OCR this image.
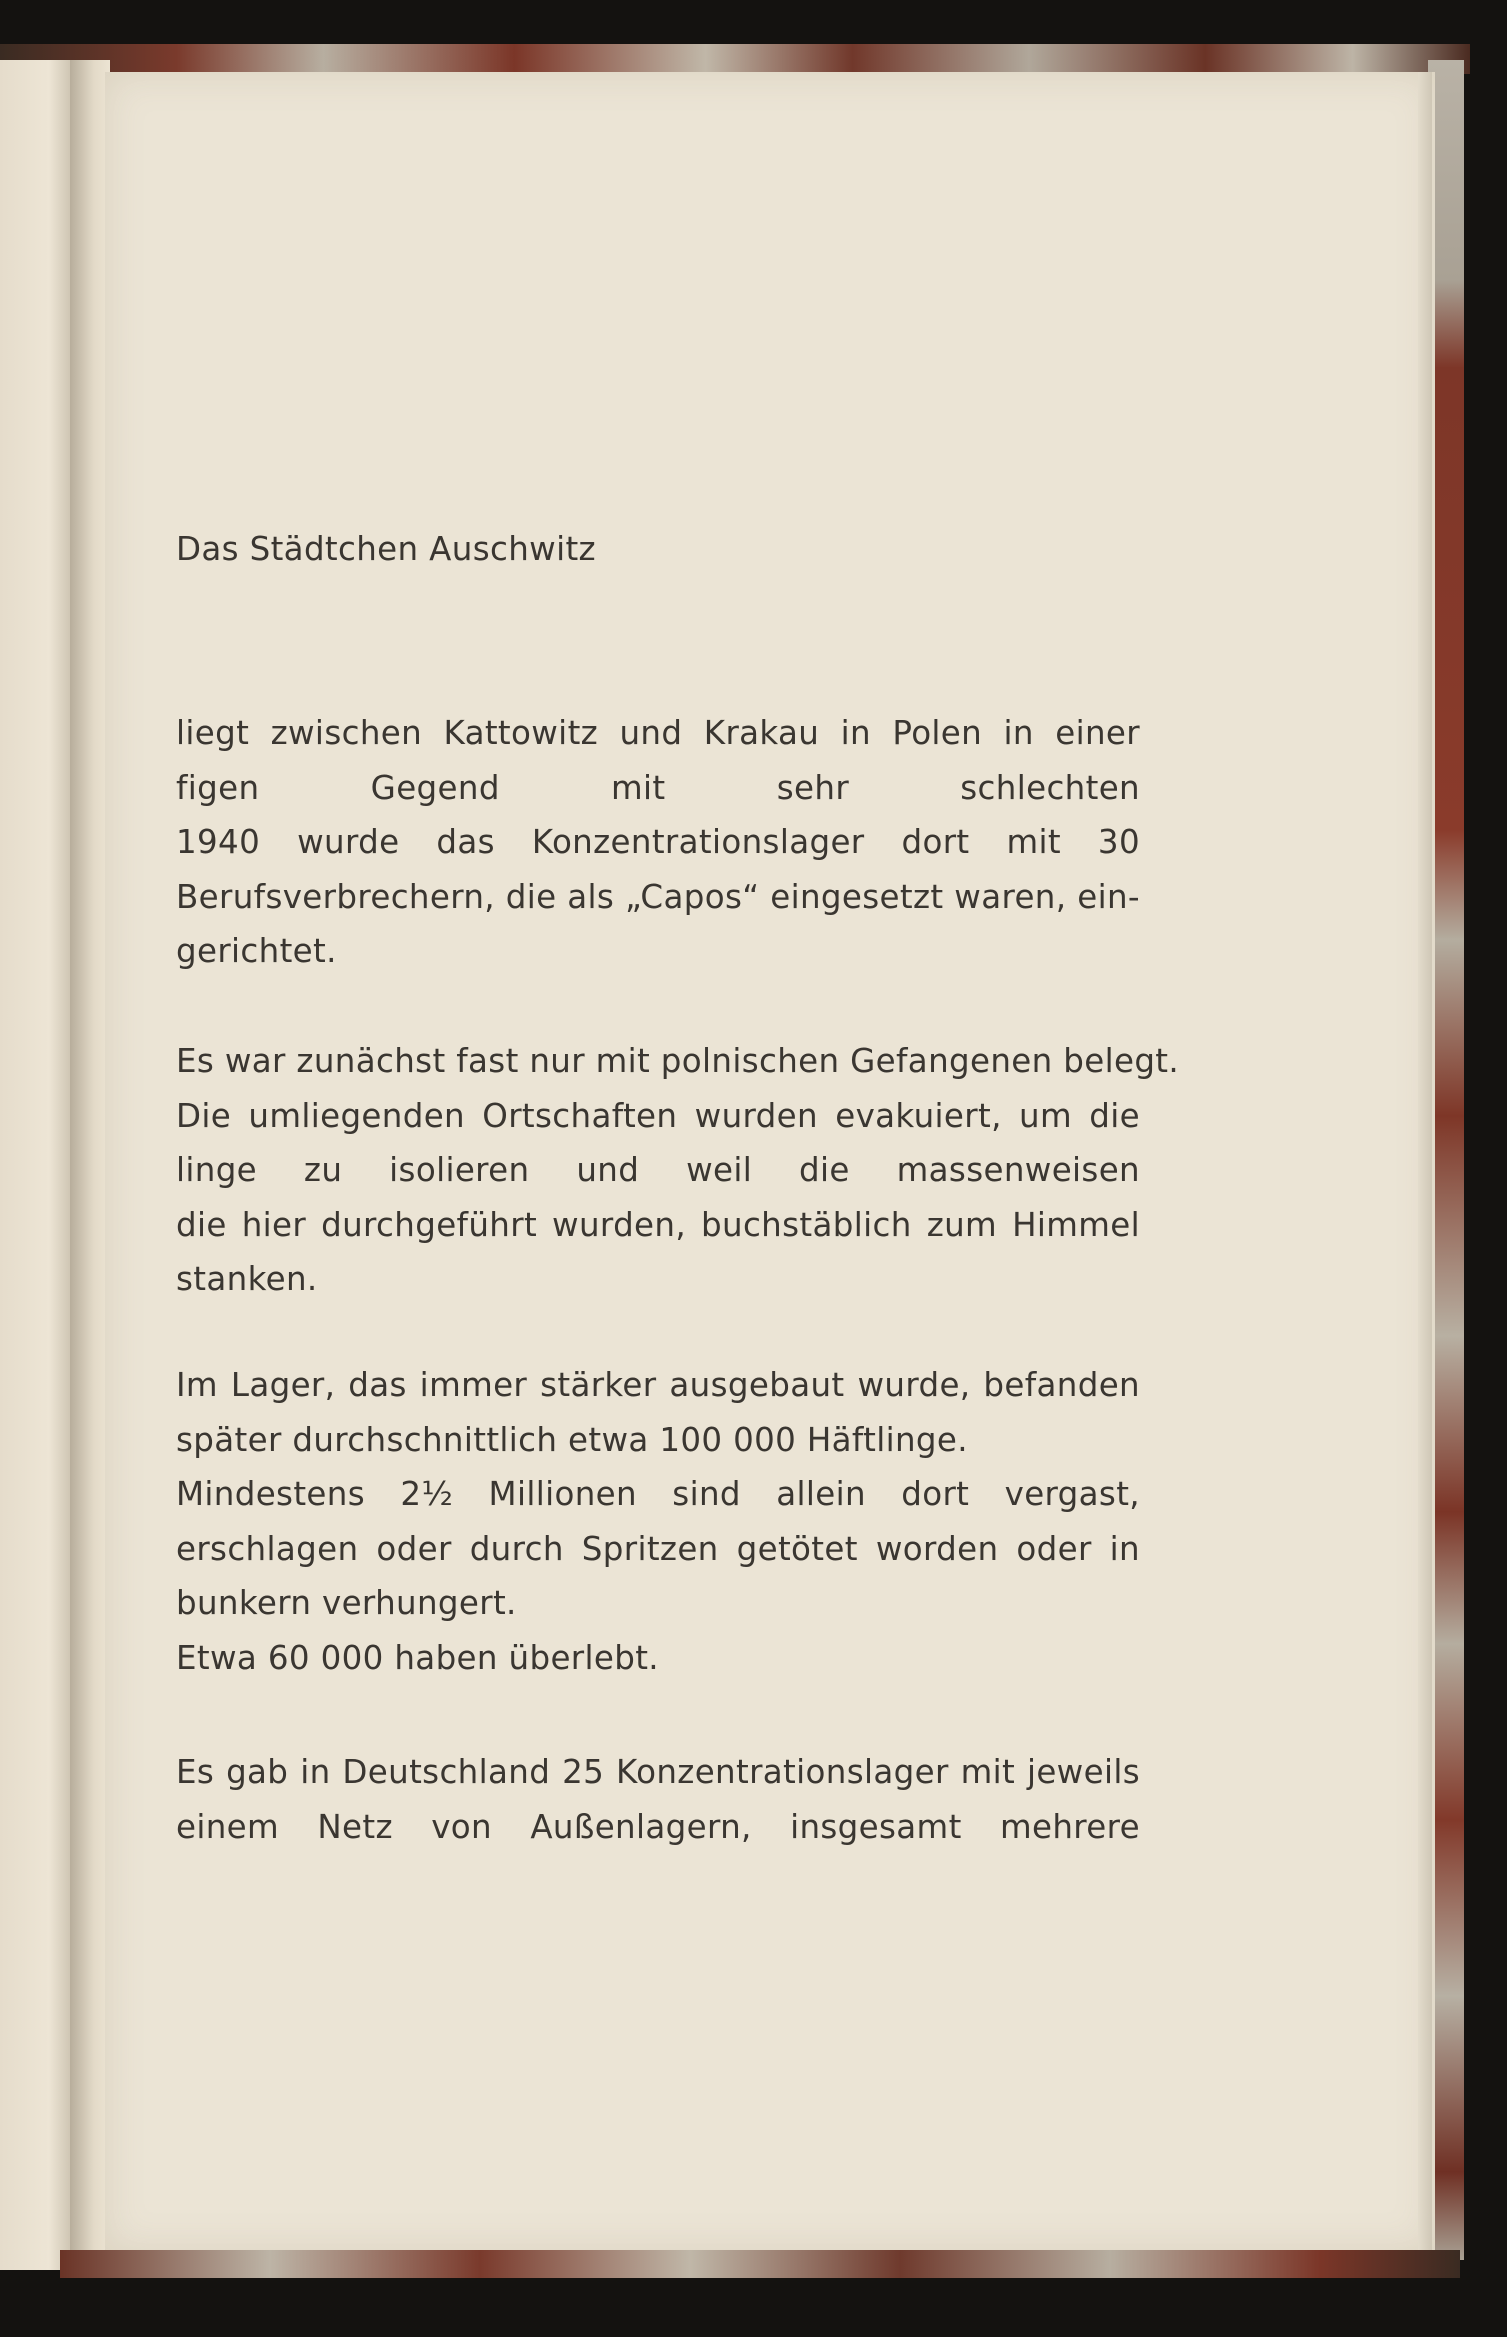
Das Städtchen Auschwitz
liegt zwischen Kattowitz und Krakau in Polen in einer
figen Gegend mit sehr schlechten
1940 wurde das Konzentrationslager dort mit 30
Berufsverbrechern, die als „Capos“ eingesetzt waren, ein-
gerichtet.
Es war zunächst fast nur mit polnischen Gefangenen belegt.
Die umliegenden Ortschaften wurden evakuiert, um die
linge zu isolieren und weil die massenweisen
die hier durchgeführt wurden, buchstäblich zum Himmel
stanken.
Im Lager, das immer stärker ausgebaut wurde, befanden
später durchschnittlich etwa 100 000 Häftlinge.
Mindestens 2½ Millionen sind allein dort vergast,
erschlagen oder durch Spritzen getötet worden oder in
bunkern verhungert.
Etwa 60 000 haben überlebt.
Es gab in Deutschland 25 Konzentrationslager mit jeweils
einem Netz von Außenlagern, insgesamt mehrere
